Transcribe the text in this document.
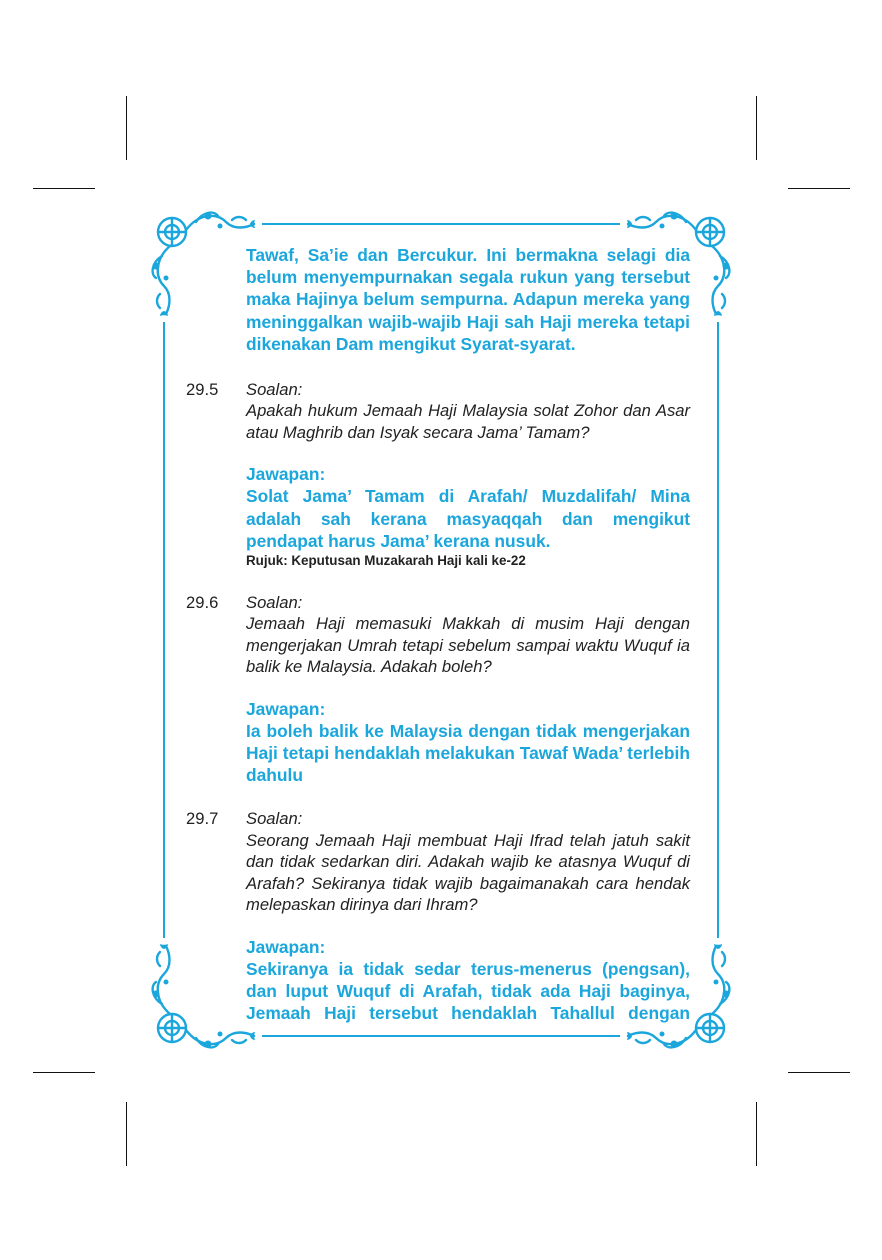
Tawaf, Sa’ie dan Bercukur. Ini bermakna selagi dia belum menyempurnakan segala rukun yang tersebut maka Hajinya belum sempurna. Adapun mereka yang meninggalkan wajib-wajib Haji sah Haji mereka tetapi dikenakan Dam mengikut Syarat-syarat.

29.5 Soalan:

Apakah hukum Jemaah Haji Malaysia solat Zohor dan Asar atau Maghrib dan Isyak secara Jama’ Tamam?

Jawapan:

Solat Jama’ Tamam di Arafah/ Muzdalifah/ Mina adalah sah kerana masyaqqah dan mengikut pendapat harus Jama’ kerana nusuk.

Rujuk: Keputusan Muzakarah Haji kali ke-22
29.6 Soalan:

Jemaah Haji memasuki Makkah di musim Haji dengan mengerjakan Umrah tetapi sebelum sampai waktu Wuquf ia balik ke Malaysia. Adakah boleh?

Jawapan:

Ia boleh balik ke Malaysia dengan tidak mengerjakan Haji tetapi hendaklah melakukan Tawaf Wada’ terlebih dahulu

29.7 Soalan:

Seorang Jemaah Haji membuat Haji Ifrad telah jatuh sakit dan tidak sedarkan diri. Adakah wajib ke atasnya Wuquf di Arafah? Sekiranya tidak wajib bagaimanakah cara hendak melepaskan dirinya dari Ihram?

Jawapan:

Sekiranya ia tidak sedar terus-menerus (pengsan), dan luput Wuquf di Arafah, tidak ada Haji baginya, Jemaah Haji tersebut hendaklah Tahallul dengan
